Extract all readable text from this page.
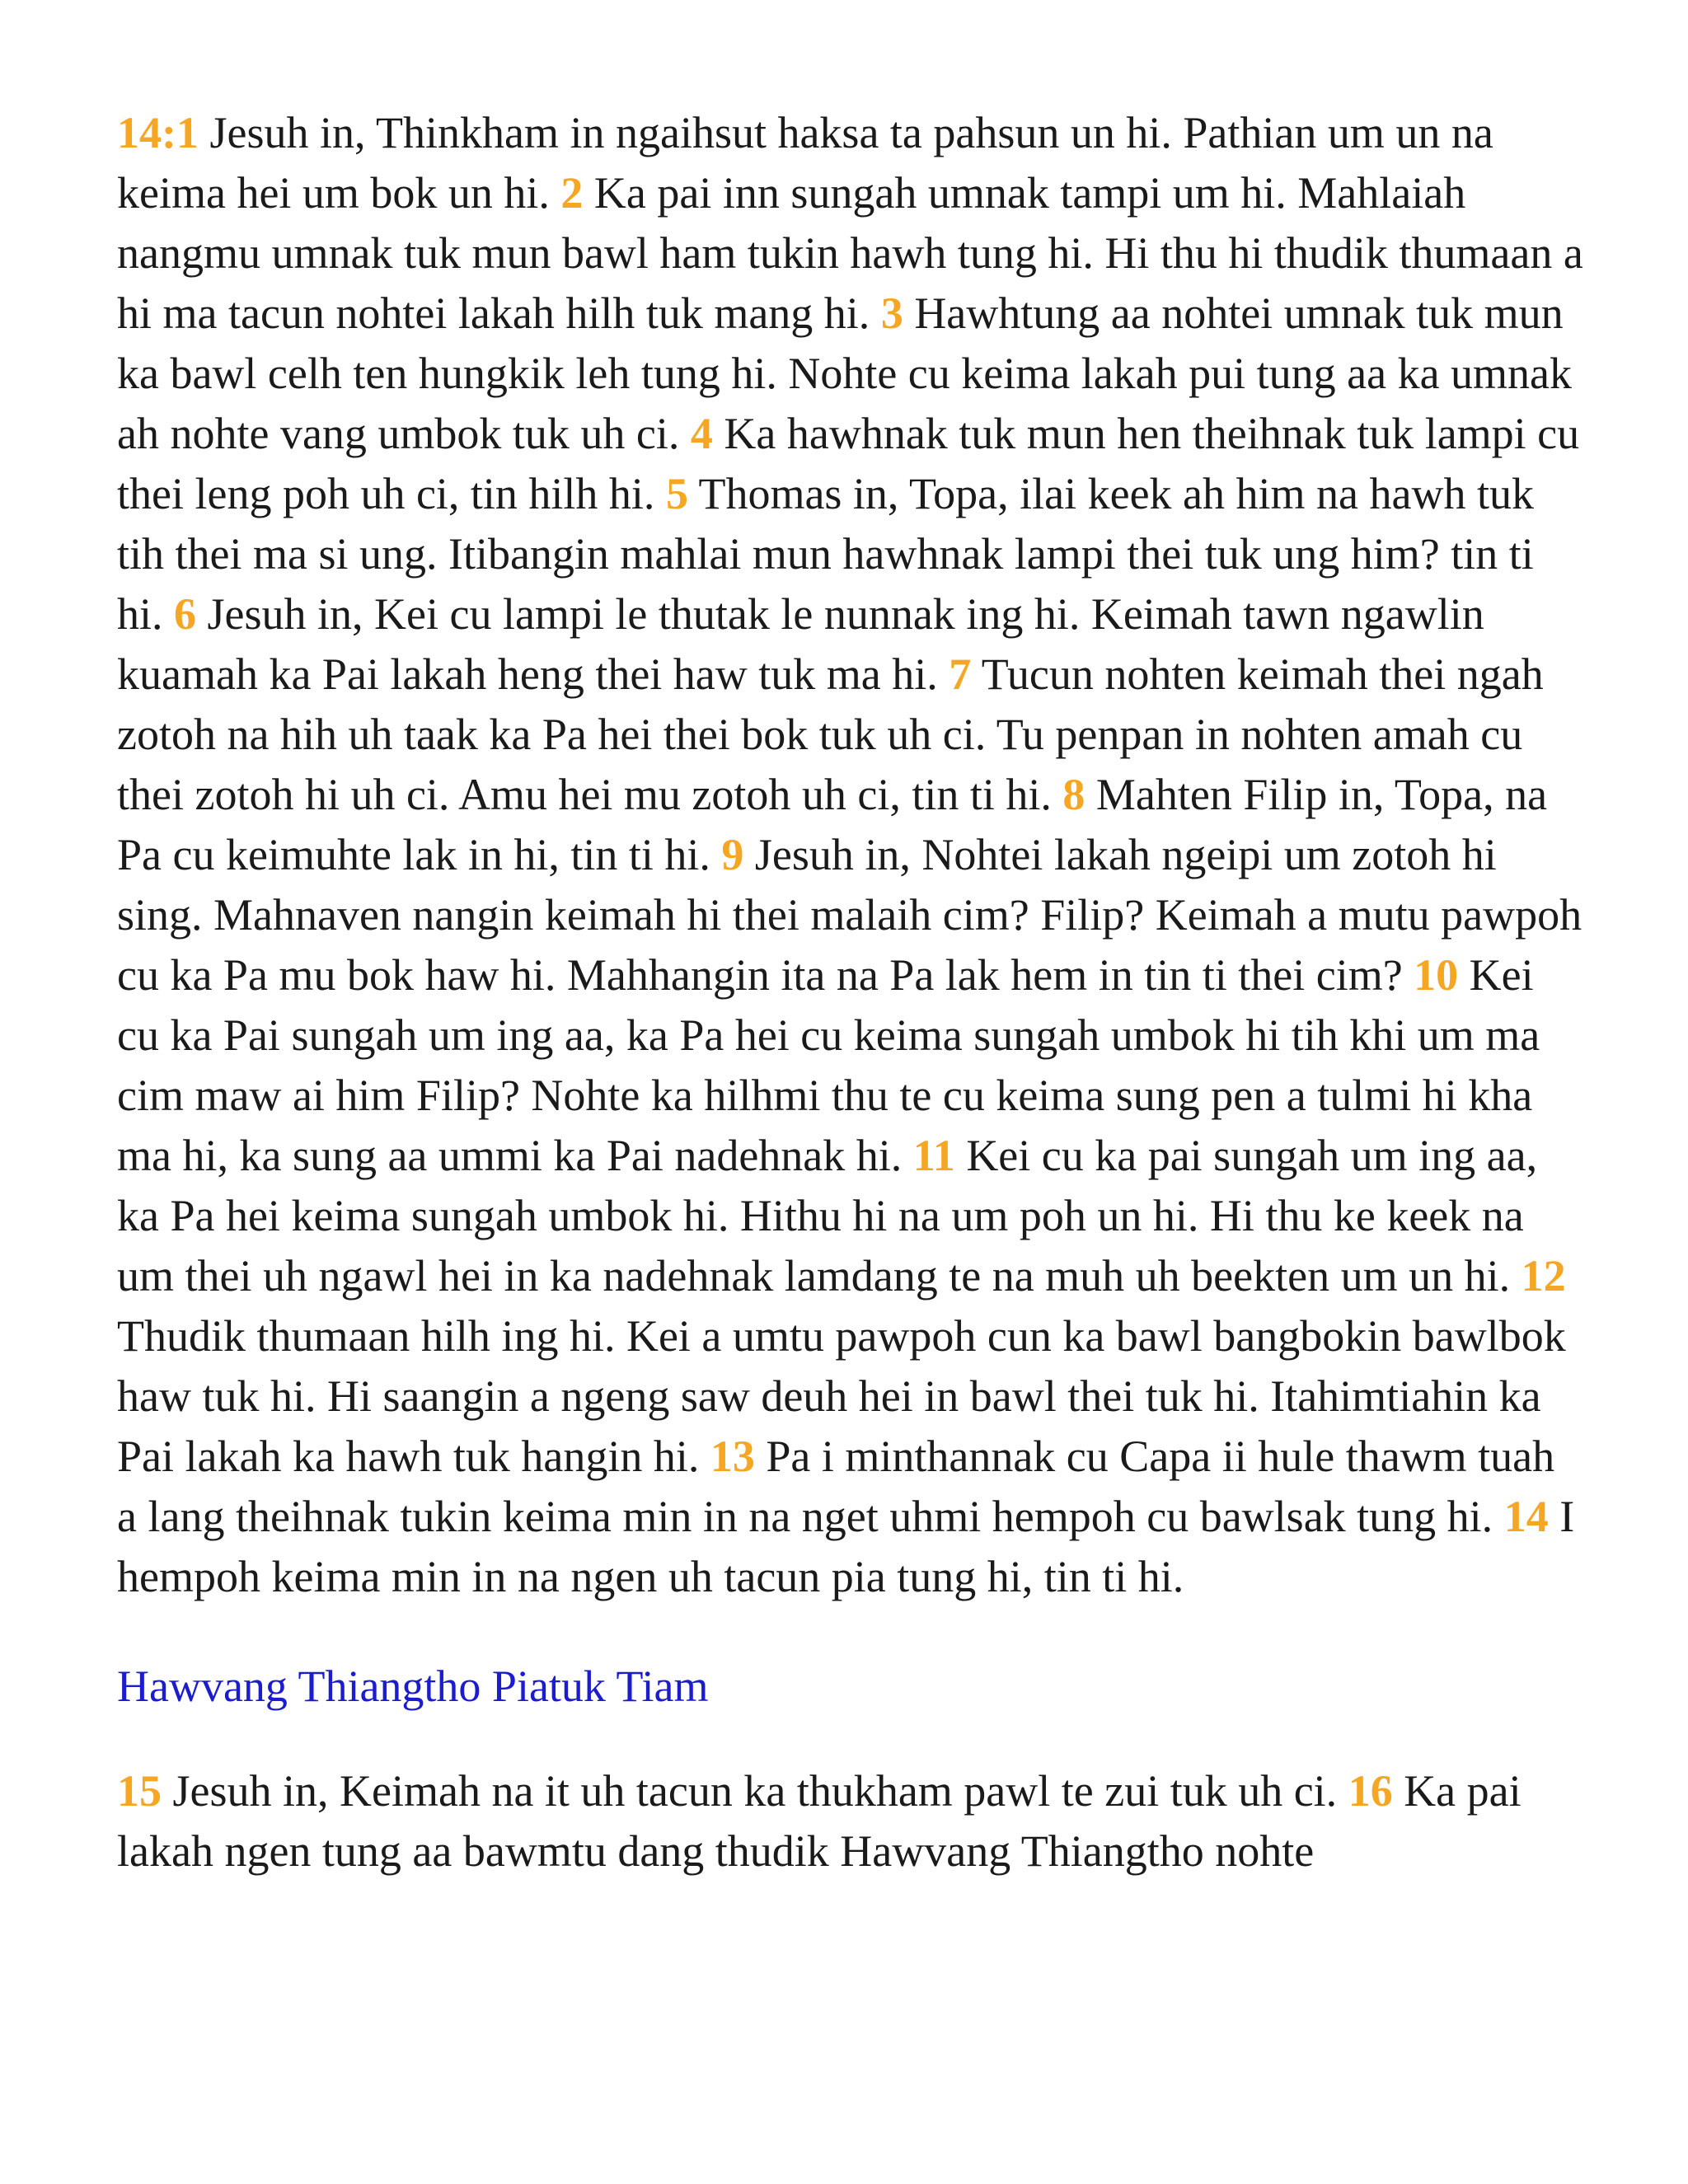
14:1 Jesuh in, Thinkham in ngaihsut haksa ta pahsun un hi. Pathian um un na keima hei um bok un hi. 2 Ka pai inn sungah umnak tampi um hi. Mahlaiah nangmu umnak tuk mun bawl ham tukin hawh tung hi. Hi thu hi thudik thumaan a hi ma tacun nohtei lakah hilh tuk mang hi. 3 Hawhtung aa nohtei umnak tuk mun ka bawl celh ten hungkik leh tung hi. Nohte cu keima lakah pui tung aa ka umnak ah nohte vang umbok tuk uh ci. 4 Ka hawhnak tuk mun hen theihnak tuk lampi cu thei leng poh uh ci, tin hilh hi. 5 Thomas in, Topa, ilai keek ah him na hawh tuk tih thei ma si ung. Itibangin mahlai mun hawhnak lampi thei tuk ung him? tin ti hi. 6 Jesuh in, Kei cu lampi le thutak le nunnak ing hi. Keimah tawn ngawlin kuamah ka Pai lakah heng thei haw tuk ma hi. 7 Tucun nohten keimah thei ngah zotoh na hih uh taak ka Pa hei thei bok tuk uh ci. Tu penpan in nohten amah cu thei zotoh hi uh ci. Amu hei mu zotoh uh ci, tin ti hi. 8 Mahten Filip in, Topa, na Pa cu keimuhte lak in hi, tin ti hi. 9 Jesuh in, Nohtei lakah ngeipi um zotoh hi sing. Mahnaven nangin keimah hi thei malaih cim? Filip? Keimah a mutu pawpoh cu ka Pa mu bok haw hi. Mahhangin ita na Pa lak hem in tin ti thei cim? 10 Kei cu ka Pai sungah um ing aa, ka Pa hei cu keima sungah umbok hi tih khi um ma cim maw ai him Filip? Nohte ka hilhmi thu te cu keima sung pen a tulmi hi kha ma hi, ka sung aa ummi ka Pai nadehnak hi. 11 Kei cu ka pai sungah um ing aa, ka Pa hei keima sungah umbok hi. Hithu hi na um poh un hi. Hi thu ke keek na um thei uh ngawl hei in ka nadehnak lamdang te na muh uh beekten um un hi. 12 Thudik thumaan hilh ing hi. Kei a umtu pawpoh cun ka bawl bangbokin bawlbok haw tuk hi. Hi saangin a ngeng saw deuh hei in bawl thei tuk hi. Itahimtiahin ka Pai lakah ka hawh tuk hangin hi. 13 Pa i minthannak cu Capa ii hule thawm tuah a lang theihnak tukin keima min in na nget uhmi hempoh cu bawlsak tung hi. 14 I hempoh keima min in na ngen uh tacun pia tung hi, tin ti hi.

Hawvang Thiangtho Piatuk Tiam

15 Jesuh in, Keimah na it uh tacun ka thukham pawl te zui tuk uh ci. 16 Ka pai lakah ngen tung aa bawmtu dang thudik Hawvang Thiangtho nohte
